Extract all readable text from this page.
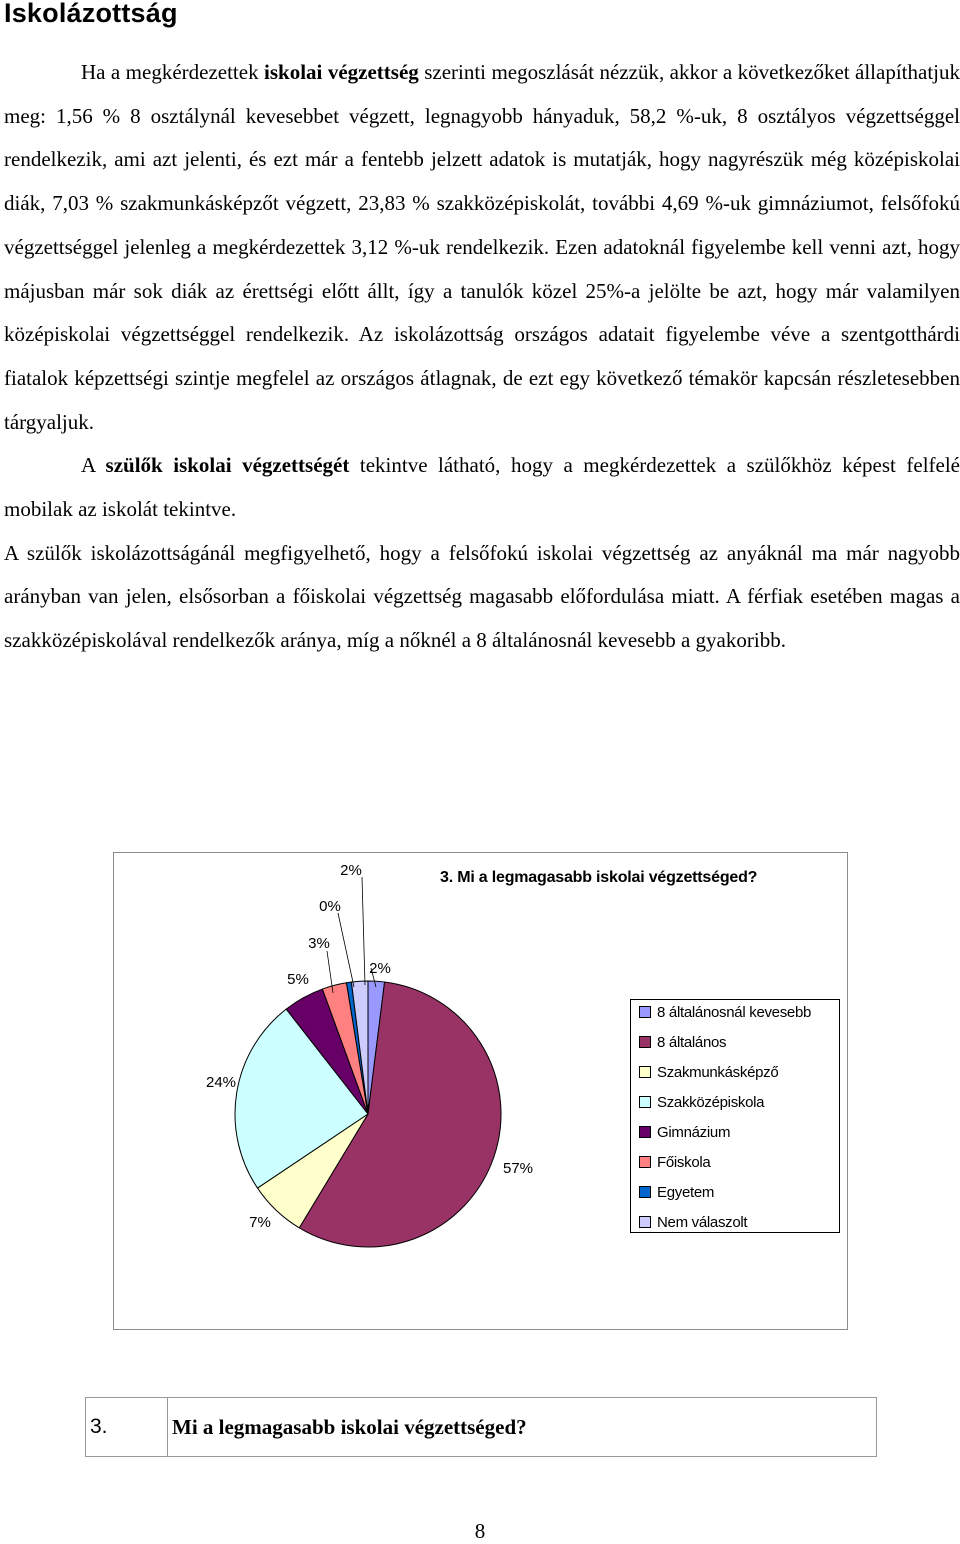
Iskolázottság

Ha a megkérdezettek iskolai végzettség szerinti megoszlását nézzük, akkor a következőket állapíthatjuk meg: 1,56 % 8 osztálynál kevesebbet végzett, legnagyobb hányaduk, 58,2 %-uk, 8 osztályos végzettséggel rendelkezik, ami azt jelenti, és ezt már a fentebb jelzett adatok is mutatják, hogy nagyrészük még középiskolai diák, 7,03 % szakmunkásképzőt végzett, 23,83 % szakközépiskolát, további 4,69 %-uk gimnáziumot, felsőfokú végzettséggel jelenleg a megkérdezettek 3,12 %-uk rendelkezik. Ezen adatoknál figyelembe kell venni azt, hogy májusban már sok diák az érettségi előtt állt, így a tanulók közel 25%-a jelölte be azt, hogy már valamilyen középiskolai végzettséggel rendelkezik. Az iskolázottság országos adatait figyelembe véve a szentgotthárdi fiatalok képzettségi szintje megfelel az országos átlagnak, de ezt egy következő témakör kapcsán részletesebben tárgyaljuk.

A szülők iskolai végzettségét tekintve látható, hogy a megkérdezettek a szülőkhöz képest felfelé mobilak az iskolát tekintve.

A szülők iskolázottságánál megfigyelhető, hogy a felsőfokú iskolai végzettség az anyáknál ma már nagyobb arányban van jelen, elsősorban a főiskolai végzettség magasabb előfordulása miatt. A férfiak esetében magas a szakközépiskolával rendelkezők aránya, míg a nőknél a 8 általánosnál kevesebb a gyakoribb.

2%
57%
7%
24%
5%
3%
0%
2%	3. Mi a legmagasabb iskolai végzettséged?
8 általánosnál kevesebb
8 általános
Szakmunkásképző
Szakközépiskola
Gimnázium
Főiskola
Egyetem
Nem válaszolt
3.	Mi a legmagasabb iskolai végzettséged?
8
